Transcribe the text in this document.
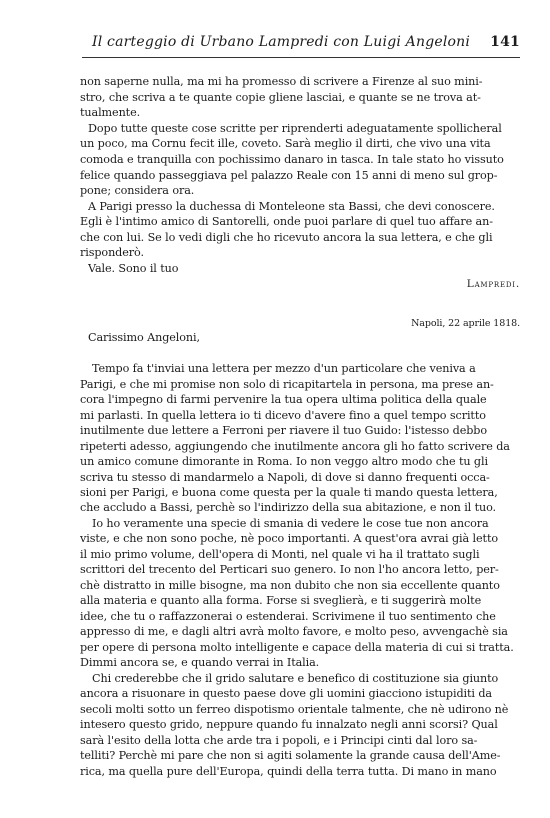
Il carteggio di Urbano Lampredi con Luigi Angeloni 141
non saperne nulla, ma mi ha promesso di scrivere a Firenze al suo mini-
stro, che scriva a te quante copie gliene lasciai, e quante se ne trova at-
tualmente.
Dopo tutte queste cose scritte per riprenderti adeguatamente spollicheral
un poco, ma Cornu fecit ille, coveto. Sarà meglio il dirti, che vivo una vita
comoda e tranquilla con pochissimo danaro in tasca. In tale stato ho vissuto
felice quando passeggiava pel palazzo Reale con 15 anni di meno sul grop-
pone; considera ora.
A Parigi presso la duchessa di Monteleone sta Bassi, che devi conoscere.
Egli è l'intimo amico di Santorelli, onde puoi parlare di quel tuo affare an-
che con lui. Se lo vedi digli che ho ricevuto ancora la sua lettera, e che gli
risponderò.
Vale. Sono il tuo
Lampredi.
Napoli, 22 aprile 1818.
Carissimo Angeloni,
Tempo fa t'inviai una lettera per mezzo d'un particolare che veniva a
Parigi, e che mi promise non solo di ricapitartela in persona, ma prese an-
cora l'impegno di farmi pervenire la tua opera ultima politica della quale
mi parlasti. In quella lettera io ti dicevo d'avere fino a quel tempo scritto
inutilmente due lettere a Ferroni per riavere il tuo Guido: l'istesso debbo
ripeterti adesso, aggiungendo che inutilmente ancora gli ho fatto scrivere da
un amico comune dimorante in Roma. Io non veggo altro modo che tu gli
scriva tu stesso di mandarmelo a Napoli, di dove si danno frequenti occa-
sioni per Parigi, e buona come questa per la quale ti mando questa lettera,
che accludo a Bassi, perchè so l'indirizzo della sua abitazione, e non il tuo.
Io ho veramente una specie di smania di vedere le cose tue non ancora
viste, e che non sono poche, nè poco importanti. A quest'ora avrai già letto
il mio primo volume, dell'opera di Monti, nel quale vi ha il trattato sugli
scrittori del trecento del Perticari suo genero. Io non l'ho ancora letto, per-
chè distratto in mille bisogne, ma non dubito che non sia eccellente quanto
alla materia e quanto alla forma. Forse si sveglierà, e ti suggerirà molte
idee, che tu o raffazzonerai o estenderai. Scrivimene il tuo sentimento che
appresso di me, e dagli altri avrà molto favore, e molto peso, avvengachè sia
per opere di persona molto intelligente e capace della materia di cui si tratta.
Dimmi ancora se, e quando verrai in Italia.
Chi crederebbe che il grido salutare e benefico di costituzione sia giunto
ancora a risuonare in questo paese dove gli uomini giacciono istupiditi da
secoli molti sotto un ferreo dispotismo orientale talmente, che nè udirono nè
intesero questo grido, neppure quando fu innalzato negli anni scorsi? Qual
sarà l'esito della lotta che arde tra i popoli, e i Principi cinti dal loro sa-
telliti? Perchè mi pare che non si agiti solamente la grande causa dell'Ame-
rica, ma quella pure dell'Europa, quindi della terra tutta. Di mano in mano
